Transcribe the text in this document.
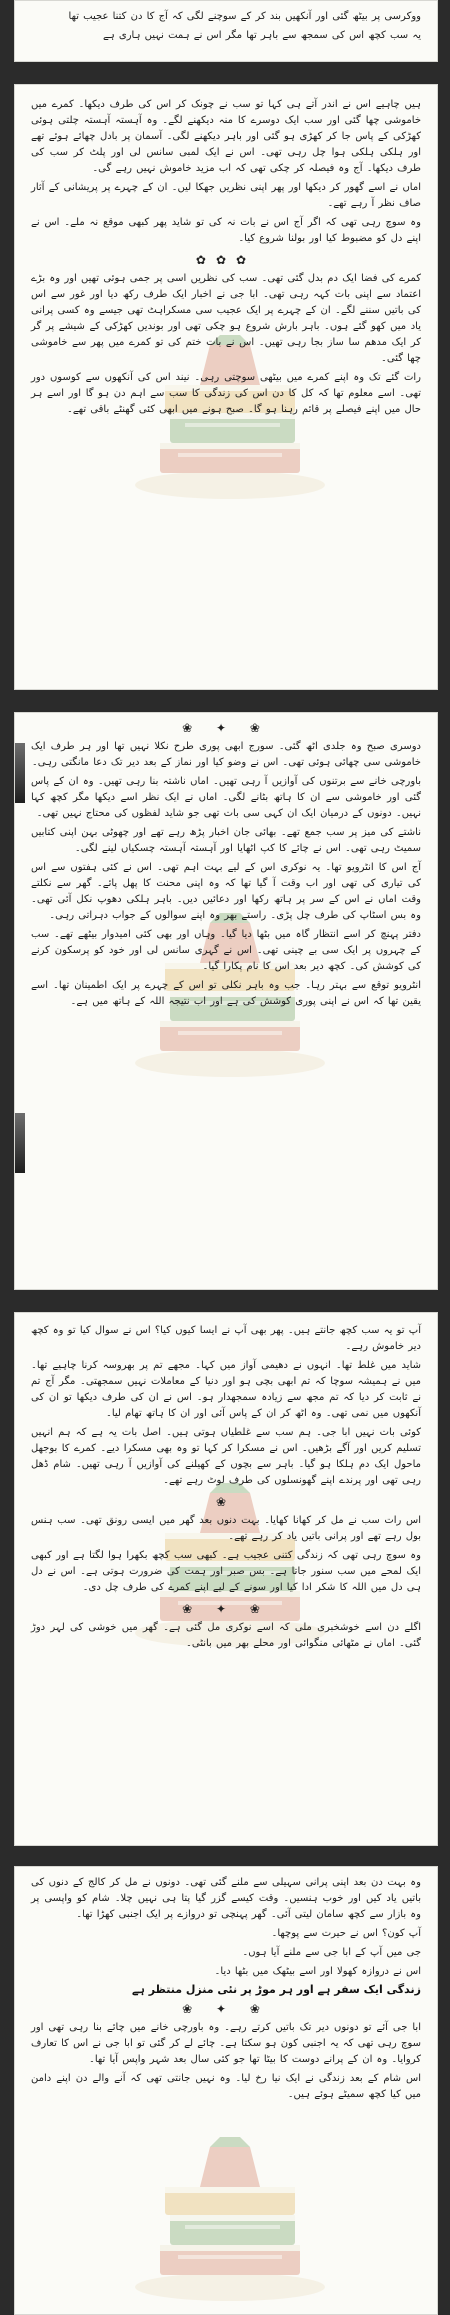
ووکرسی پر بیٹھ گئی اور آنکھیں بند کر کے سوچنے لگی کہ آج کا دن کتنا عجیب تھا

یہ سب کچھ اس کی سمجھ سے باہر تھا مگر اس نے ہمت نہیں ہاری ہے

ہیں چاہیے اس نے اندر آتے ہی کہا تو سب نے چونک کر اس کی طرف دیکھا۔ کمرے میں خاموشی چھا گئی اور سب ایک دوسرے کا منہ دیکھنے لگے۔ وہ آہستہ آہستہ چلتی ہوئی کھڑکی کے پاس جا کر کھڑی ہو گئی اور باہر دیکھنے لگی۔ آسمان پر بادل چھائے ہوئے تھے اور ہلکی ہلکی ہوا چل رہی تھی۔ اس نے ایک لمبی سانس لی اور پلٹ کر سب کی طرف دیکھا۔ آج وہ فیصلہ کر چکی تھی کہ اب مزید خاموش نہیں رہے گی۔

اماں نے اسے گھور کر دیکھا اور پھر اپنی نظریں جھکا لیں۔ ان کے چہرے پر پریشانی کے آثار صاف نظر آ رہے تھے۔

وہ سوچ رہی تھی کہ اگر آج اس نے بات نہ کی تو شاید پھر کبھی موقع نہ ملے۔ اس نے اپنے دل کو مضبوط کیا اور بولنا شروع کیا۔

✿✿✿

کمرے کی فضا ایک دم بدل گئی تھی۔ سب کی نظریں اسی پر جمی ہوئی تھیں اور وہ بڑے اعتماد سے اپنی بات کہہ رہی تھی۔ ابا جی نے اخبار ایک طرف رکھ دیا اور غور سے اس کی باتیں سننے لگے۔ ان کے چہرے پر ایک عجیب سی مسکراہٹ تھی جیسے وہ کسی پرانی یاد میں کھو گئے ہوں۔ باہر بارش شروع ہو چکی تھی اور بوندیں کھڑکی کے شیشے پر گر کر ایک مدھم سا ساز بجا رہی تھیں۔ اس نے بات ختم کی تو کمرے میں پھر سے خاموشی چھا گئی۔

رات گئے تک وہ اپنے کمرے میں بیٹھی سوچتی رہی۔ نیند اس کی آنکھوں سے کوسوں دور تھی۔ اسے معلوم تھا کہ کل کا دن اس کی زندگی کا سب سے اہم دن ہو گا اور اسے ہر حال میں اپنے فیصلے پر قائم رہنا ہو گا۔ صبح ہونے میں ابھی کئی گھنٹے باقی تھے۔

❀ ✦ ❀

دوسری صبح وہ جلدی اٹھ گئی۔ سورج ابھی پوری طرح نکلا نہیں تھا اور ہر طرف ایک خاموشی سی چھائی ہوئی تھی۔ اس نے وضو کیا اور نماز کے بعد دیر تک دعا مانگتی رہی۔

باورچی خانے سے برتنوں کی آوازیں آ رہی تھیں۔ اماں ناشتہ بنا رہی تھیں۔ وہ ان کے پاس گئی اور خاموشی سے ان کا ہاتھ بٹانے لگی۔ اماں نے ایک نظر اسے دیکھا مگر کچھ کہا نہیں۔ دونوں کے درمیان ایک ان کہی سی بات تھی جو شاید لفظوں کی محتاج نہیں تھی۔

ناشتے کی میز پر سب جمع تھے۔ بھائی جان اخبار پڑھ رہے تھے اور چھوٹی بہن اپنی کتابیں سمیٹ رہی تھی۔ اس نے چائے کا کپ اٹھایا اور آہستہ آہستہ چسکیاں لینے لگی۔

آج اس کا انٹرویو تھا۔ یہ نوکری اس کے لیے بہت اہم تھی۔ اس نے کئی ہفتوں سے اس کی تیاری کی تھی اور اب وقت آ گیا تھا کہ وہ اپنی محنت کا پھل پائے۔ گھر سے نکلتے وقت اماں نے اس کے سر پر ہاتھ رکھا اور دعائیں دیں۔ باہر ہلکی دھوپ نکل آئی تھی۔ وہ بس اسٹاپ کی طرف چل پڑی۔ راستے بھر وہ اپنے سوالوں کے جواب دہراتی رہی۔

دفتر پہنچ کر اسے انتظار گاہ میں بٹھا دیا گیا۔ وہاں اور بھی کئی امیدوار بیٹھے تھے۔ سب کے چہروں پر ایک سی بے چینی تھی۔ اس نے گہری سانس لی اور خود کو پرسکون کرنے کی کوشش کی۔ کچھ دیر بعد اس کا نام پکارا گیا۔

انٹرویو توقع سے بہتر رہا۔ جب وہ باہر نکلی تو اس کے چہرے پر ایک اطمینان تھا۔ اسے یقین تھا کہ اس نے اپنی پوری کوشش کی ہے اور اب نتیجہ اللہ کے ہاتھ میں ہے۔

آپ تو یہ سب کچھ جانتے ہیں۔ پھر بھی آپ نے ایسا کیوں کیا؟ اس نے سوال کیا تو وہ کچھ دیر خاموش رہے۔

شاید میں غلط تھا۔ انہوں نے دھیمی آواز میں کہا۔ مجھے تم پر بھروسہ کرنا چاہیے تھا۔ میں نے ہمیشہ سوچا کہ تم ابھی بچی ہو اور دنیا کے معاملات نہیں سمجھتی۔ مگر آج تم نے ثابت کر دیا کہ تم مجھ سے زیادہ سمجھدار ہو۔ اس نے ان کی طرف دیکھا تو ان کی آنکھوں میں نمی تھی۔ وہ اٹھ کر ان کے پاس آئی اور ان کا ہاتھ تھام لیا۔

کوئی بات نہیں ابا جی۔ ہم سب سے غلطیاں ہوتی ہیں۔ اصل بات یہ ہے کہ ہم انہیں تسلیم کریں اور آگے بڑھیں۔ اس نے مسکرا کر کہا تو وہ بھی مسکرا دیے۔ کمرے کا بوجھل ماحول ایک دم ہلکا ہو گیا۔ باہر سے بچوں کے کھیلنے کی آوازیں آ رہی تھیں۔ شام ڈھل رہی تھی اور پرندے اپنے گھونسلوں کی طرف لوٹ رہے تھے۔

❀

اس رات سب نے مل کر کھانا کھایا۔ بہت دنوں بعد گھر میں ایسی رونق تھی۔ سب ہنس بول رہے تھے اور پرانی باتیں یاد کر رہے تھے۔

وہ سوچ رہی تھی کہ زندگی کتنی عجیب ہے۔ کبھی سب کچھ بکھرا ہوا لگتا ہے اور کبھی ایک لمحے میں سب سنور جاتا ہے۔ بس صبر اور ہمت کی ضرورت ہوتی ہے۔ اس نے دل ہی دل میں اللہ کا شکر ادا کیا اور سونے کے لیے اپنے کمرے کی طرف چل دی۔

❀ ✦ ❀

اگلے دن اسے خوشخبری ملی کہ اسے نوکری مل گئی ہے۔ گھر میں خوشی کی لہر دوڑ گئی۔ اماں نے مٹھائی منگوائی اور محلے بھر میں بانٹی۔

وہ بہت دن بعد اپنی پرانی سہیلی سے ملنے گئی تھی۔ دونوں نے مل کر کالج کے دنوں کی باتیں یاد کیں اور خوب ہنسیں۔ وقت کیسے گزر گیا پتا ہی نہیں چلا۔ شام کو واپسی پر وہ بازار سے کچھ سامان لیتی آئی۔ گھر پہنچی تو دروازے پر ایک اجنبی کھڑا تھا۔

آپ کون؟ اس نے حیرت سے پوچھا۔

جی میں آپ کے ابا جی سے ملنے آیا ہوں۔

اس نے دروازہ کھولا اور اسے بیٹھک میں بٹھا دیا۔

زندگی ایک سفر ہے اور ہر موڑ پر نئی منزل منتظر ہے
❀ ✦ ❀

ابا جی آئے تو دونوں دیر تک باتیں کرتے رہے۔ وہ باورچی خانے میں چائے بنا رہی تھی اور سوچ رہی تھی کہ یہ اجنبی کون ہو سکتا ہے۔ چائے لے کر گئی تو ابا جی نے اس کا تعارف کروایا۔ وہ ان کے پرانے دوست کا بیٹا تھا جو کئی سال بعد شہر واپس آیا تھا۔

اس شام کے بعد زندگی نے ایک نیا رخ لیا۔ وہ نہیں جانتی تھی کہ آنے والے دن اپنے دامن میں کیا کچھ سمیٹے ہوئے ہیں۔
